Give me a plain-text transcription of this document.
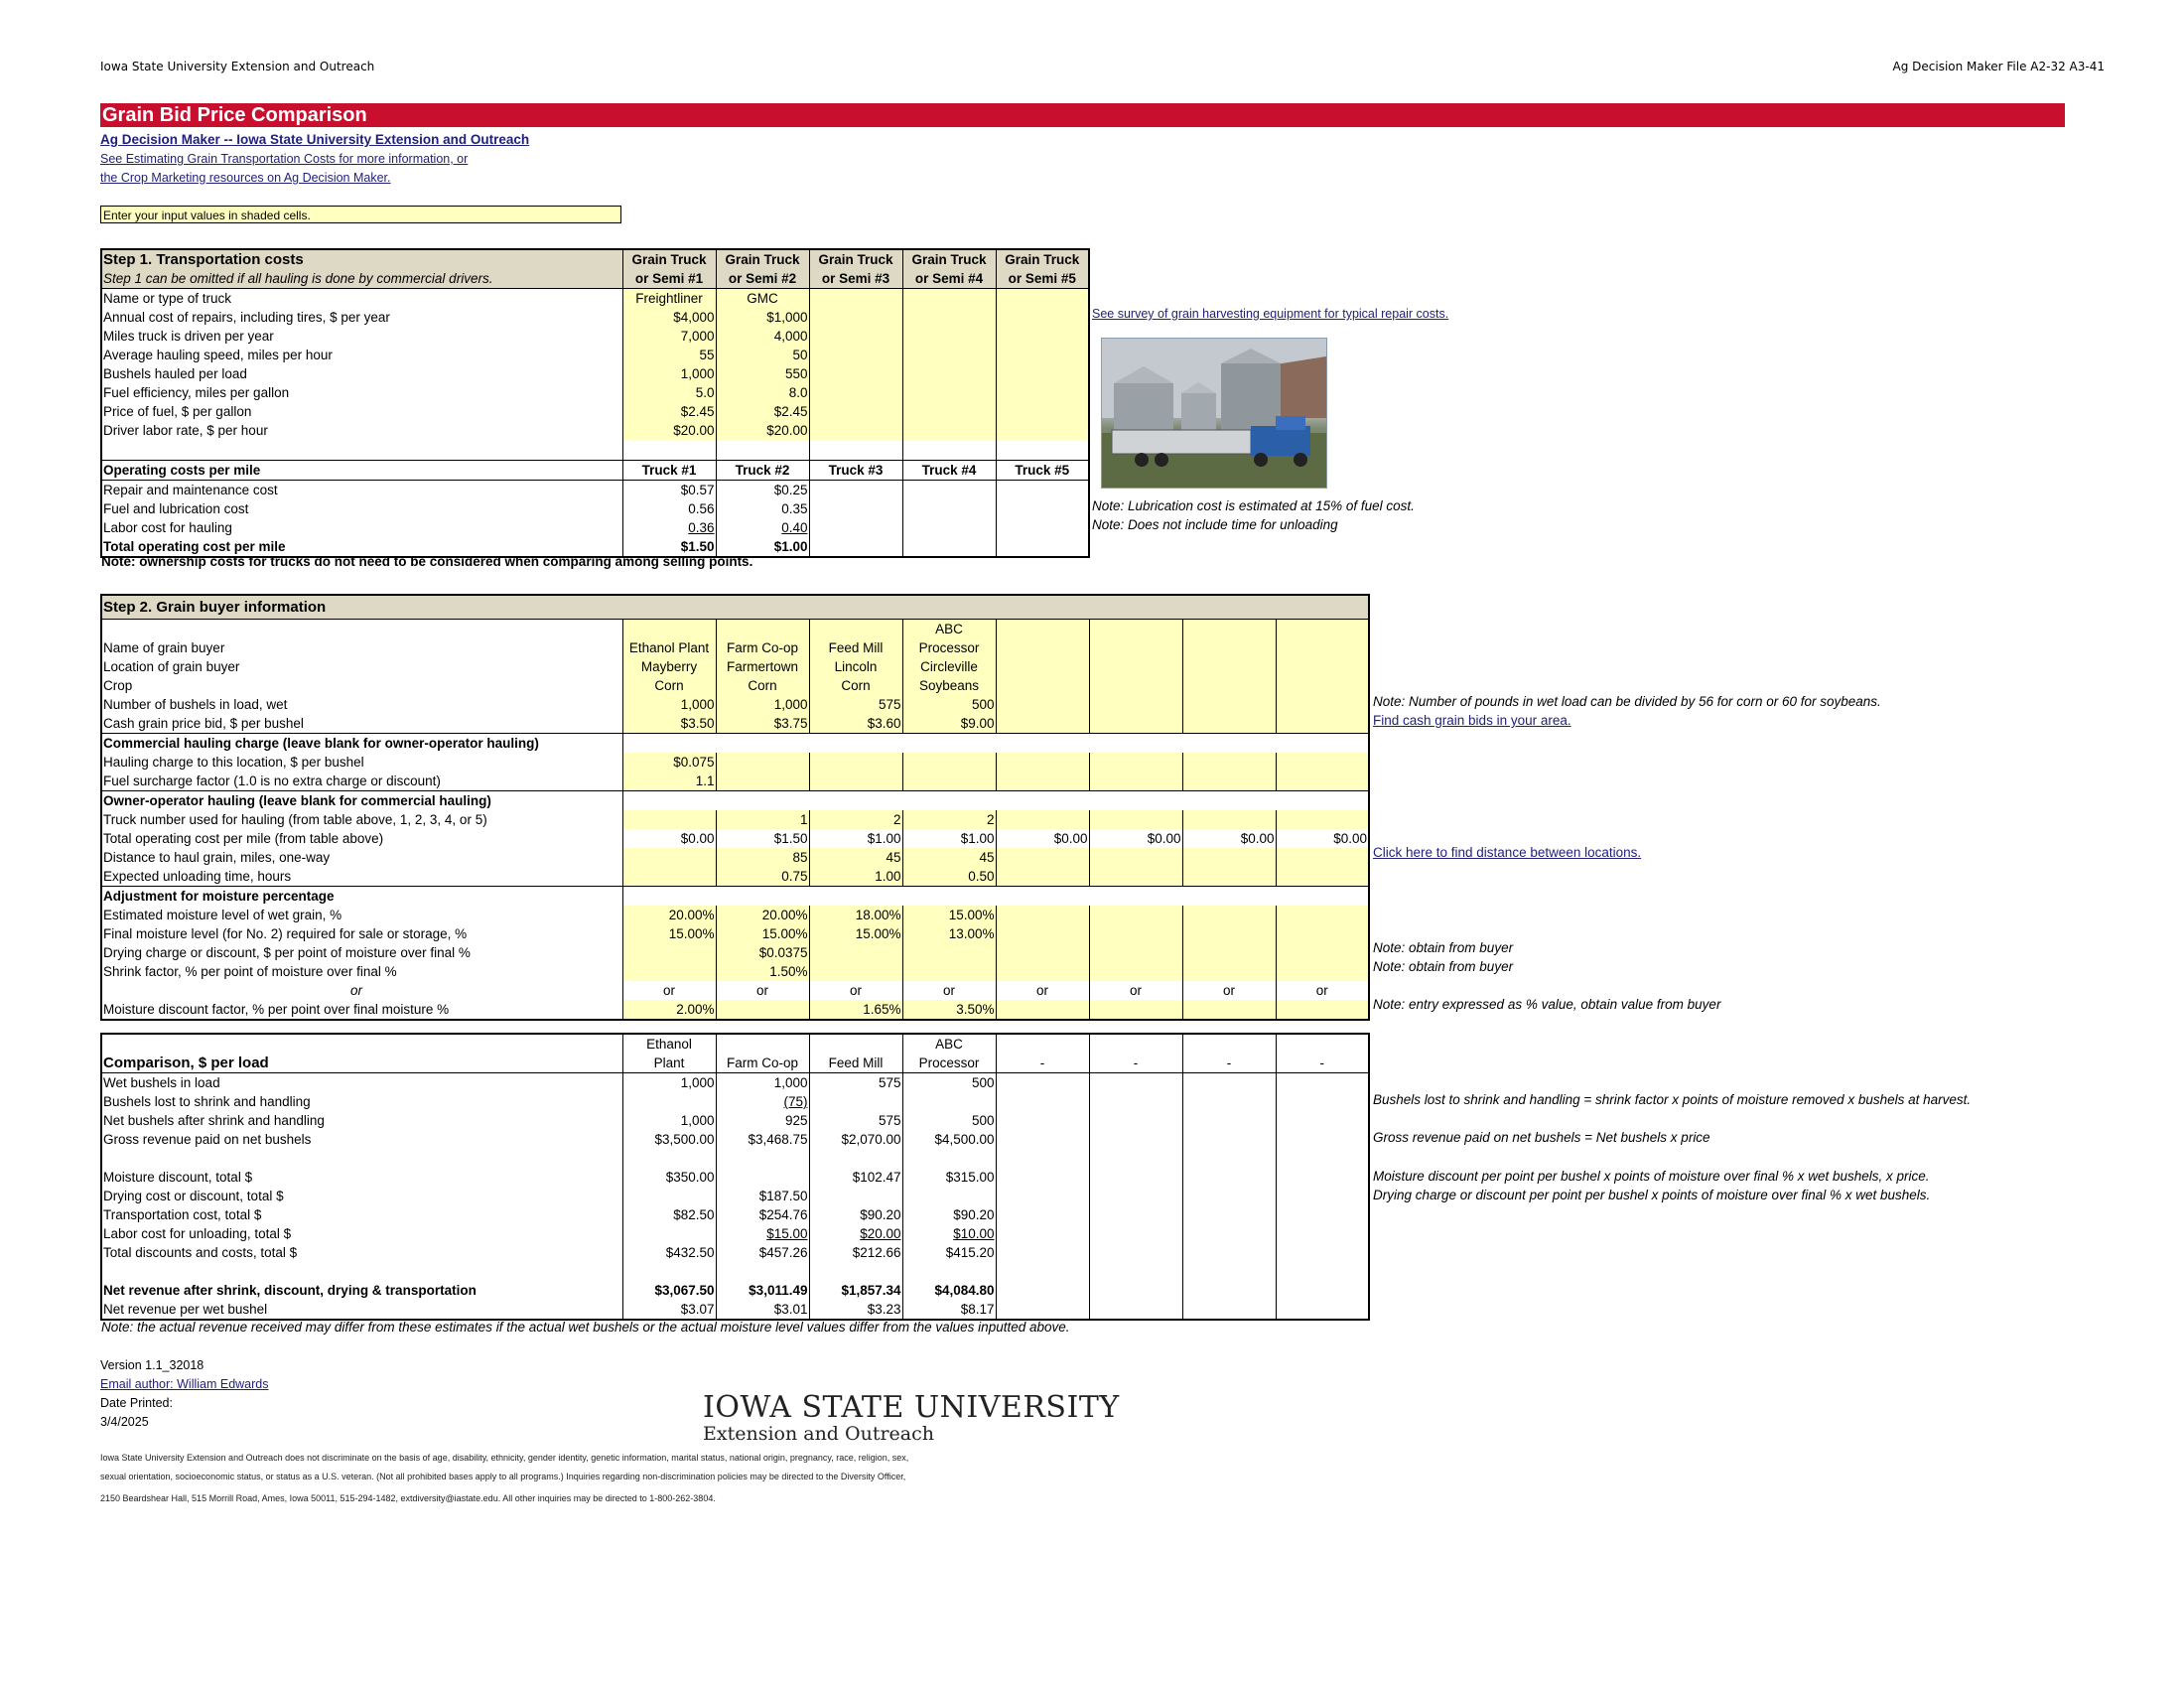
Iowa State University Extension and Outreach	Ag Decision Maker File A2-32 A3-41
Grain Bid Price Comparison
Ag Decision Maker -- Iowa State University Extension and Outreach
See Estimating Grain Transportation Costs for more information, or
the Crop Marketing resources on Ag Decision Maker.
Enter your input values in shaded cells.
Step 1. Transportation costs	Grain Truck	Grain Truck	Grain Truck	Grain Truck	Grain Truck
Step 1 can be omitted if all hauling is done by commercial drivers.	or Semi #1	or Semi #2	or Semi #3	or Semi #4	or Semi #5
Name or type of truck	Freightliner	GMC			
Annual cost of repairs, including tires, $ per year	$4,000	$1,000			
Miles truck is driven per year	7,000	4,000			
Average hauling speed, miles per hour	55	50			
Bushels hauled per load	1,000	550			
Fuel efficiency, miles per gallon	5.0	8.0			
Price of fuel, $ per gallon	$2.45	$2.45			
Driver labor rate, $ per hour	$20.00	$20.00			

Operating costs per mile	Truck #1	Truck #2	Truck #3	Truck #4	Truck #5
Repair and maintenance cost	$0.57	$0.25			
Fuel and lubrication cost	0.56	0.35			
Labor cost for hauling	0.36	0.40			
Total operating cost per mile	$1.50	$1.00			
Note: ownership costs for trucks do not need to be considered when comparing among selling points.
See survey of grain harvesting equipment for typical repair costs.
Note: Lubrication cost is estimated at 15% of fuel cost.
Note: Does not include time for unloading
Step 2. Grain buyer information								
				ABC				
Name of grain buyer	Ethanol Plant	Farm Co-op	Feed Mill	Processor				
Location of grain buyer	Mayberry	Farmertown	Lincoln	Circleville				
Crop	Corn	Corn	Corn	Soybeans				
Number of bushels in load, wet	1,000	1,000	575	500				
Cash grain price bid, $ per bushel	$3.50	$3.75	$3.60	$9.00				
Commercial hauling charge (leave blank for owner-operator hauling)								
Hauling charge to this location, $ per bushel	$0.075							
Fuel surcharge factor (1.0 is no extra charge or discount)	1.1							
Owner-operator hauling (leave blank for commercial hauling)								
Truck number used for hauling (from table above, 1, 2, 3, 4, or 5)		1	2	2				
Total operating cost per mile (from table above)	$0.00	$1.50	$1.00	$1.00	$0.00	$0.00	$0.00	$0.00
Distance to haul grain, miles, one-way		85	45	45				
Expected unloading time, hours		0.75	1.00	0.50				
Adjustment for moisture percentage								
Estimated moisture level of wet grain, %	20.00%	20.00%	18.00%	15.00%				
Final moisture level (for No. 2) required for sale or storage, %	15.00%	15.00%	15.00%	13.00%				
Drying charge or discount, $ per point of moisture over final %		$0.0375						
Shrink factor, % per point of moisture over final %		1.50%						
or	or	or	or	or	or	or	or	or
Moisture discount factor, % per point over final moisture %	2.00%		1.65%	3.50%				
Note: Number of pounds in wet load can be divided by 56 for corn or 60 for soybeans.
Find cash grain bids in your area.
Click here to find distance between locations.
Note: obtain from buyer
Note: obtain from buyer
Note: entry expressed as % value, obtain value from buyer
	Ethanol			ABC				
Comparison, $ per load	Plant	Farm Co-op	Feed Mill	Processor	-	-	-	-
Wet bushels in load	1,000	1,000	575	500				
Bushels lost to shrink and handling		(75)						
Net bushels after shrink and handling	1,000	925	575	500				
Gross revenue paid on net bushels	$3,500.00	$3,468.75	$2,070.00	$4,500.00				

Moisture discount, total $	$350.00		$102.47	$315.00				
Drying cost or discount, total $		$187.50						
Transportation cost, total $	$82.50	$254.76	$90.20	$90.20				
Labor cost for unloading, total $		$15.00	$20.00	$10.00				
Total discounts and costs, total $	$432.50	$457.26	$212.66	$415.20				

Net revenue after shrink, discount, drying & transportation	$3,067.50	$3,011.49	$1,857.34	$4,084.80				
Net revenue per wet bushel	$3.07	$3.01	$3.23	$8.17				
Note: the actual revenue received may differ from these estimates if the actual wet bushels or the actual moisture level values differ from the values inputted above.
Bushels lost to shrink and handling = shrink factor x points of moisture removed x bushels at harvest.
Gross revenue paid on net bushels = Net bushels x price
Moisture discount per point per bushel x points of moisture over final % x wet bushels, x price.
Drying charge or discount per point per bushel x points of moisture over final % x wet bushels.
Version 1.1_32018
Email author: William Edwards
Date Printed:
3/4/2025	IOWA STATE UNIVERSITY
Extension and Outreach
Iowa State University Extension and Outreach does not discriminate on the basis of age, disability, ethnicity, gender identity, genetic information, marital status, national origin, pregnancy, race, religion, sex,
sexual orientation, socioeconomic status, or status as a U.S. veteran. (Not all prohibited bases apply to all programs.) Inquiries regarding non-discrimination policies may be directed to the Diversity Officer,
2150 Beardshear Hall, 515 Morrill Road, Ames, Iowa 50011, 515-294-1482, extdiversity@iastate.edu. All other inquiries may be directed to 1-800-262-3804.
